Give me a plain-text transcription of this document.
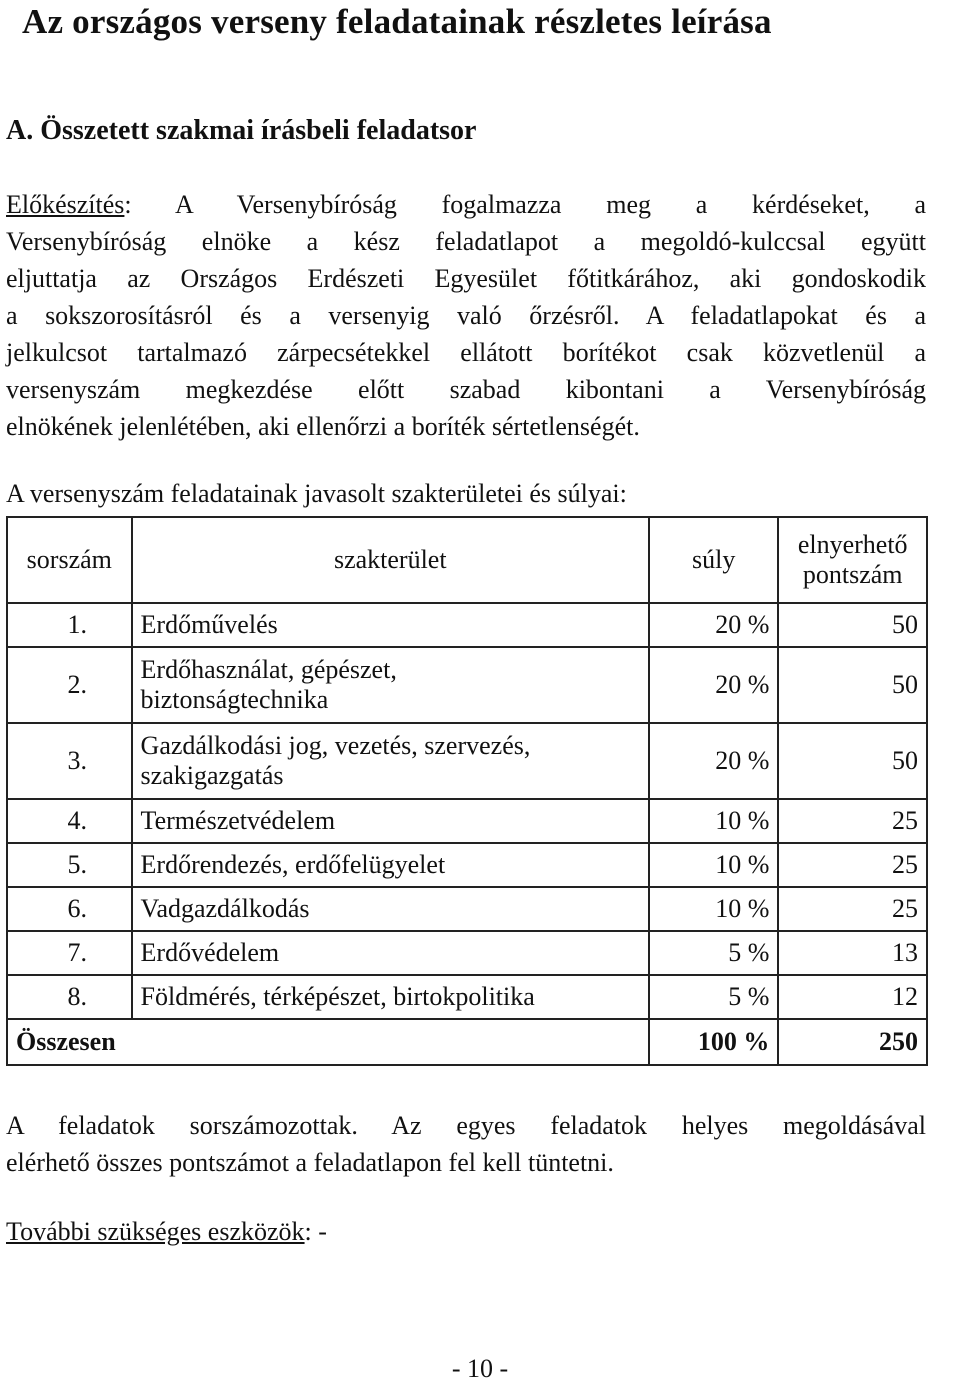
Az országos verseny feladatainak részletes leírása
A. Összetett szakmai írásbeli feladatsor
Előkészítés: A Versenybíróság fogalmazza meg a kérdéseket, a
Versenybíróság elnöke a kész feladatlapot a megoldó-kulccsal együtt
eljuttatja az Országos Erdészeti Egyesület főtitkárához, aki gondoskodik
a sokszorosításról és a versenyig való őrzésről. A feladatlapokat és a
jelkulcsot tartalmazó zárpecsétekkel ellátott borítékot csak közvetlenül a
versenyszám megkezdése előtt szabad kibontani a Versenybíróság
elnökének jelenlétében, aki ellenőrzi a boríték sértetlenségét.
A versenyszám feladatainak javasolt szakterületei és súlyai:
sorszám	szakterület	súly	elnyerhető
pontszám
1.	Erdőművelés	20 %	50
2.	Erdőhasználat, gépészet,
biztonságtechnika	20 %	50
3.	Gazdálkodási jog, vezetés, szervezés,
szakigazgatás	20 %	50
4.	Természetvédelem	10 %	25
5.	Erdőrendezés, erdőfelügyelet	10 %	25
6.	Vadgazdálkodás	10 %	25
7.	Erdővédelem	5 %	13
8.	Földmérés, térképészet, birtokpolitika	5 %	12
Összesen		100 %	250
A feladatok sorszámozottak. Az egyes feladatok helyes megoldásával
elérhető összes pontszámot a feladatlapon fel kell tüntetni.
További szükséges eszközök: -
- 10 -
